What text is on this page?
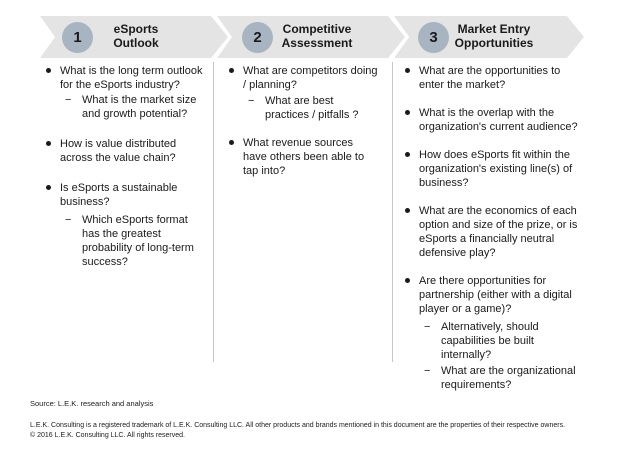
1	2	3
eSports Outlook
Competitive Assessment
Market Entry Opportunities
What is the long term outlook for the eSports industry?
− What is the market size and growth potential?
How is value distributed across the value chain?
Is eSports a sustainable business?
− Which eSports format has the greatest probability of long-term success?
What are competitors doing / planning?
− What are best practices / pitfalls ?
What revenue sources have others been able to tap into?
What are the opportunities to enter the market?
What is the overlap with the organization's current audience?
How does eSports fit within the organization's existing line(s) of business?
What are the economics of each option and size of the prize, or is eSports a financially neutral defensive play?
Are there opportunities for partnership (either with a digital player or a game)?
− Alternatively, should capabilities be built internally?
− What are the organizational requirements?
Source: L.E.K. research and analysis
L.E.K. Consulting is a registered trademark of L.E.K. Consulting LLC. All other products and brands mentioned in this document are the properties of their respective owners.
© 2016 L.E.K. Consulting LLC. All rights reserved.
